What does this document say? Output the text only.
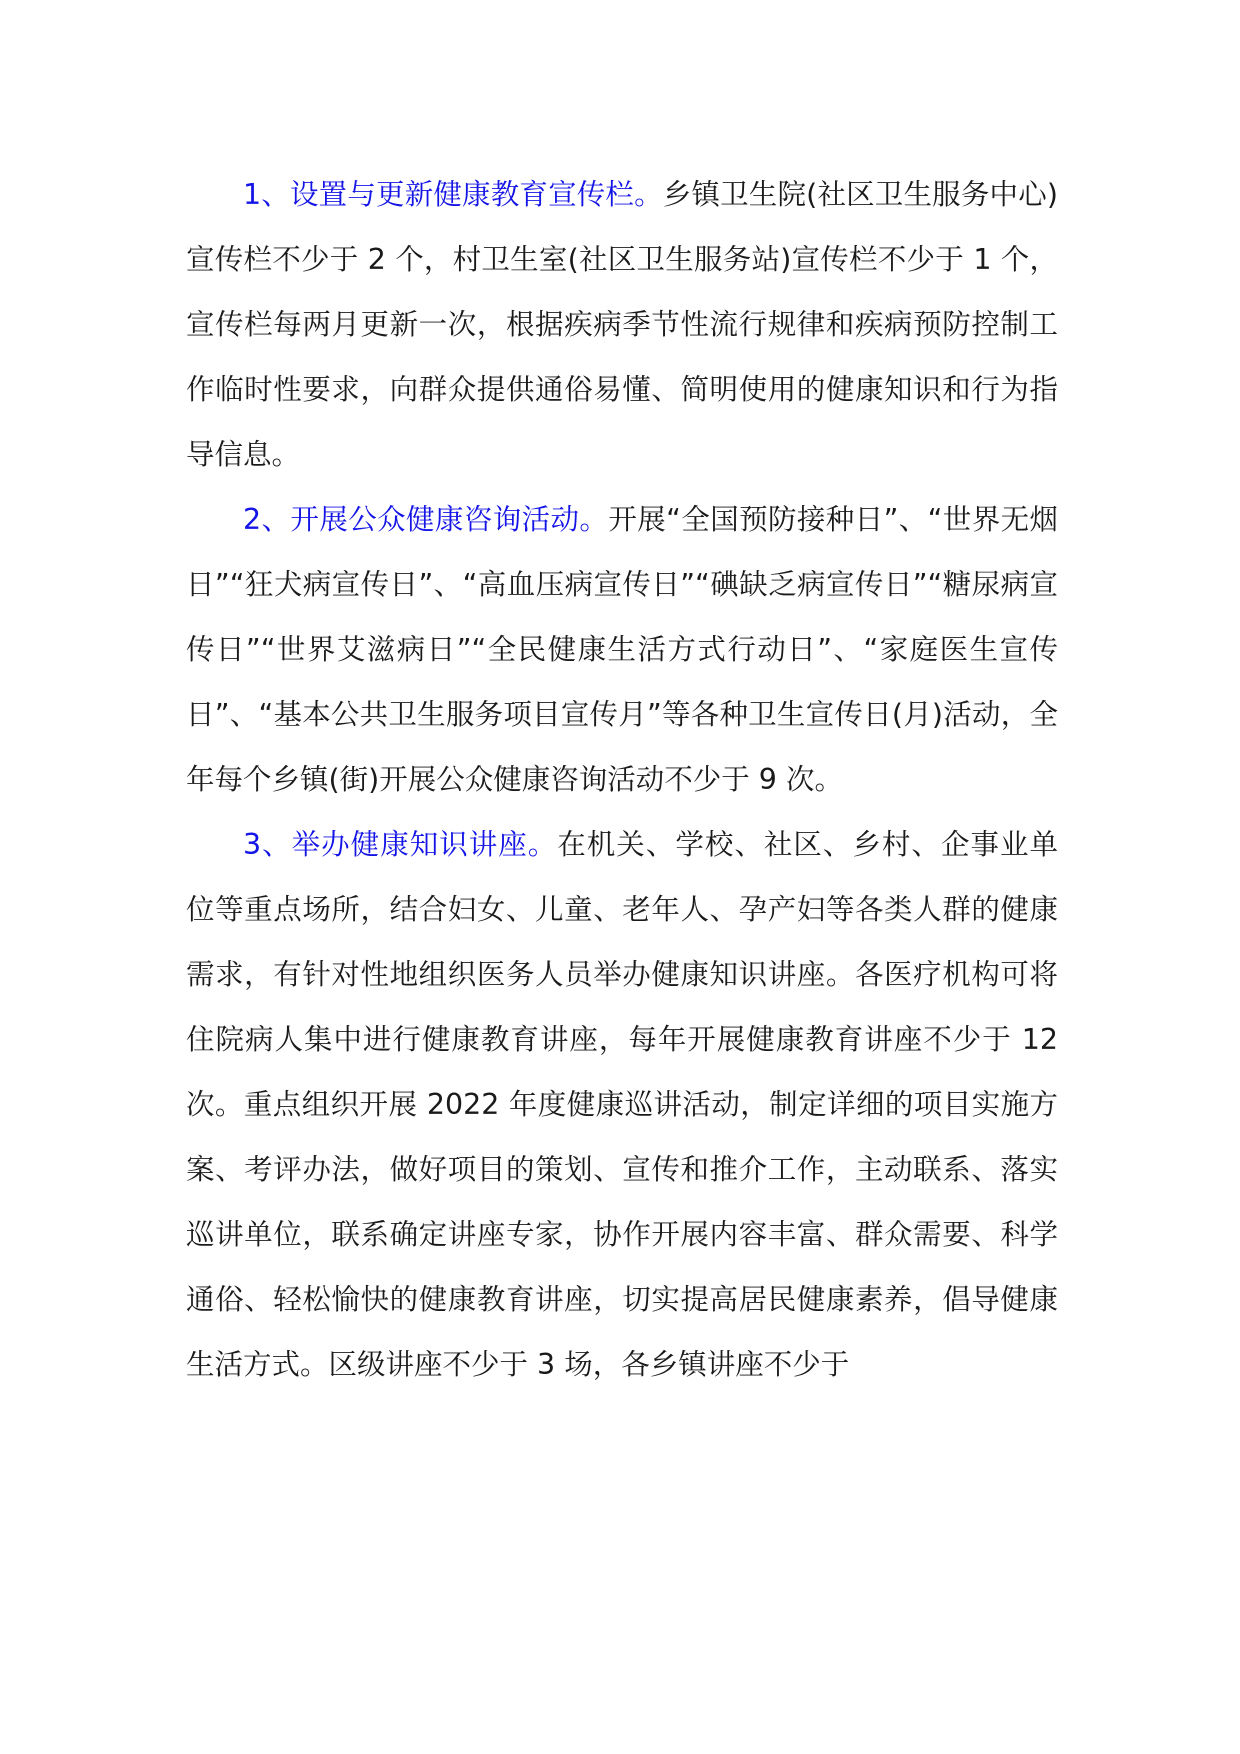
1、设置与更新健康教育宣传栏。乡镇卫生院(社区卫生服务中心)宣传栏不少于 2 个，村卫生室(社区卫生服务站)宣传栏不少于 1 个，宣传栏每两月更新一次，根据疾病季节性流行规律和疾病预防控制工作临时性要求，向群众提供通俗易懂、简明使用的健康知识和行为指导信息。

2、开展公众健康咨询活动。开展“全国预防接种日”、“世界无烟日”“狂犬病宣传日”、“高血压病宣传日”“碘缺乏病宣传日”“糖尿病宣传日”“世界艾滋病日”“全民健康生活方式行动日”、“家庭医生宣传日”、“基本公共卫生服务项目宣传月”等各种卫生宣传日(月)活动，全年每个乡镇(街)开展公众健康咨询活动不少于 9 次。

3、举办健康知识讲座。在机关、学校、社区、乡村、企事业单位等重点场所，结合妇女、儿童、老年人、孕产妇等各类人群的健康需求，有针对性地组织医务人员举办健康知识讲座。各医疗机构可将住院病人集中进行健康教育讲座，每年开展健康教育讲座不少于 12 次。重点组织开展 2022 年度健康巡讲活动，制定详细的项目实施方案、考评办法，做好项目的策划、宣传和推介工作，主动联系、落实巡讲单位，联系确定讲座专家，协作开展内容丰富、群众需要、科学通俗、轻松愉快的健康教育讲座，切实提高居民健康素养，倡导健康生活方式。区级讲座不少于 3 场，各乡镇讲座不少于
